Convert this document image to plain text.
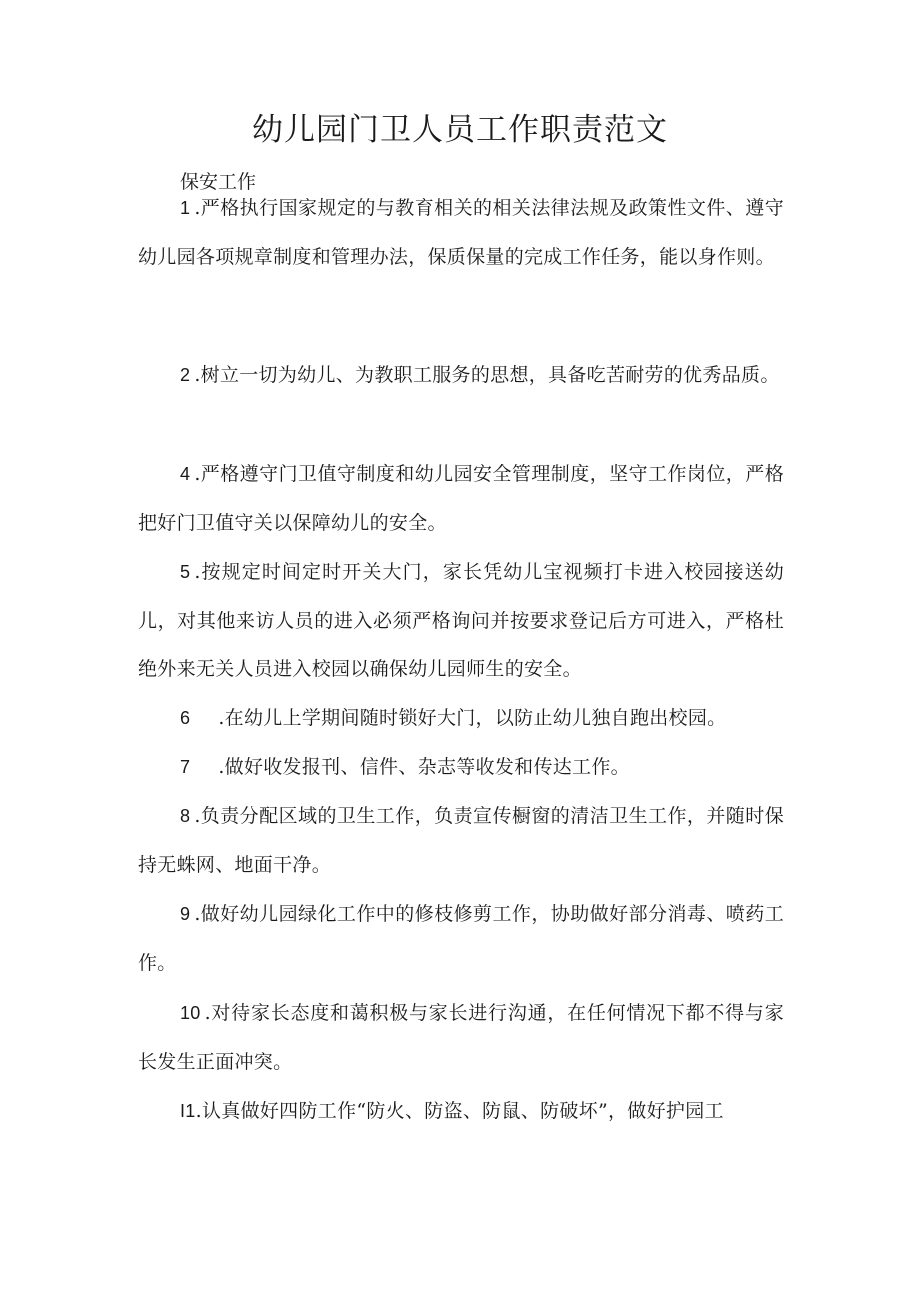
幼儿园门卫人员工作职责范文

保安工作

1 .严格执行国家规定的与教育相关的相关法律法规及政策性文件、遵守幼儿园各项规章制度和管理办法，保质保量的完成工作任务，能以身作则。

2 .树立一切为幼儿、为教职工服务的思想，具备吃苦耐劳的优秀品质。

4 .严格遵守门卫值守制度和幼儿园安全管理制度，坚守工作岗位，严格把好门卫值守关以保障幼儿的安全。

5 .按规定时间定时开关大门，家长凭幼儿宝视频打卡进入校园接送幼儿，对其他来访人员的进入必须严格询问并按要求登记后方可进入，严格杜绝外来无关人员进入校园以确保幼儿园师生的安全。

6 .在幼儿上学期间随时锁好大门，以防止幼儿独自跑出校园。

7 .做好收发报刊、信件、杂志等收发和传达工作。

8 .负责分配区域的卫生工作，负责宣传橱窗的清洁卫生工作，并随时保持无蛛网、地面干净。

9 .做好幼儿园绿化工作中的修枝修剪工作，协助做好部分消毒、喷药工作。

10 .对待家长态度和蔼积极与家长进行沟通，在任何情况下都不得与家长发生正面冲突。

I1.认真做好四防工作“防火、防盗、防鼠、防破坏”，做好护园工
